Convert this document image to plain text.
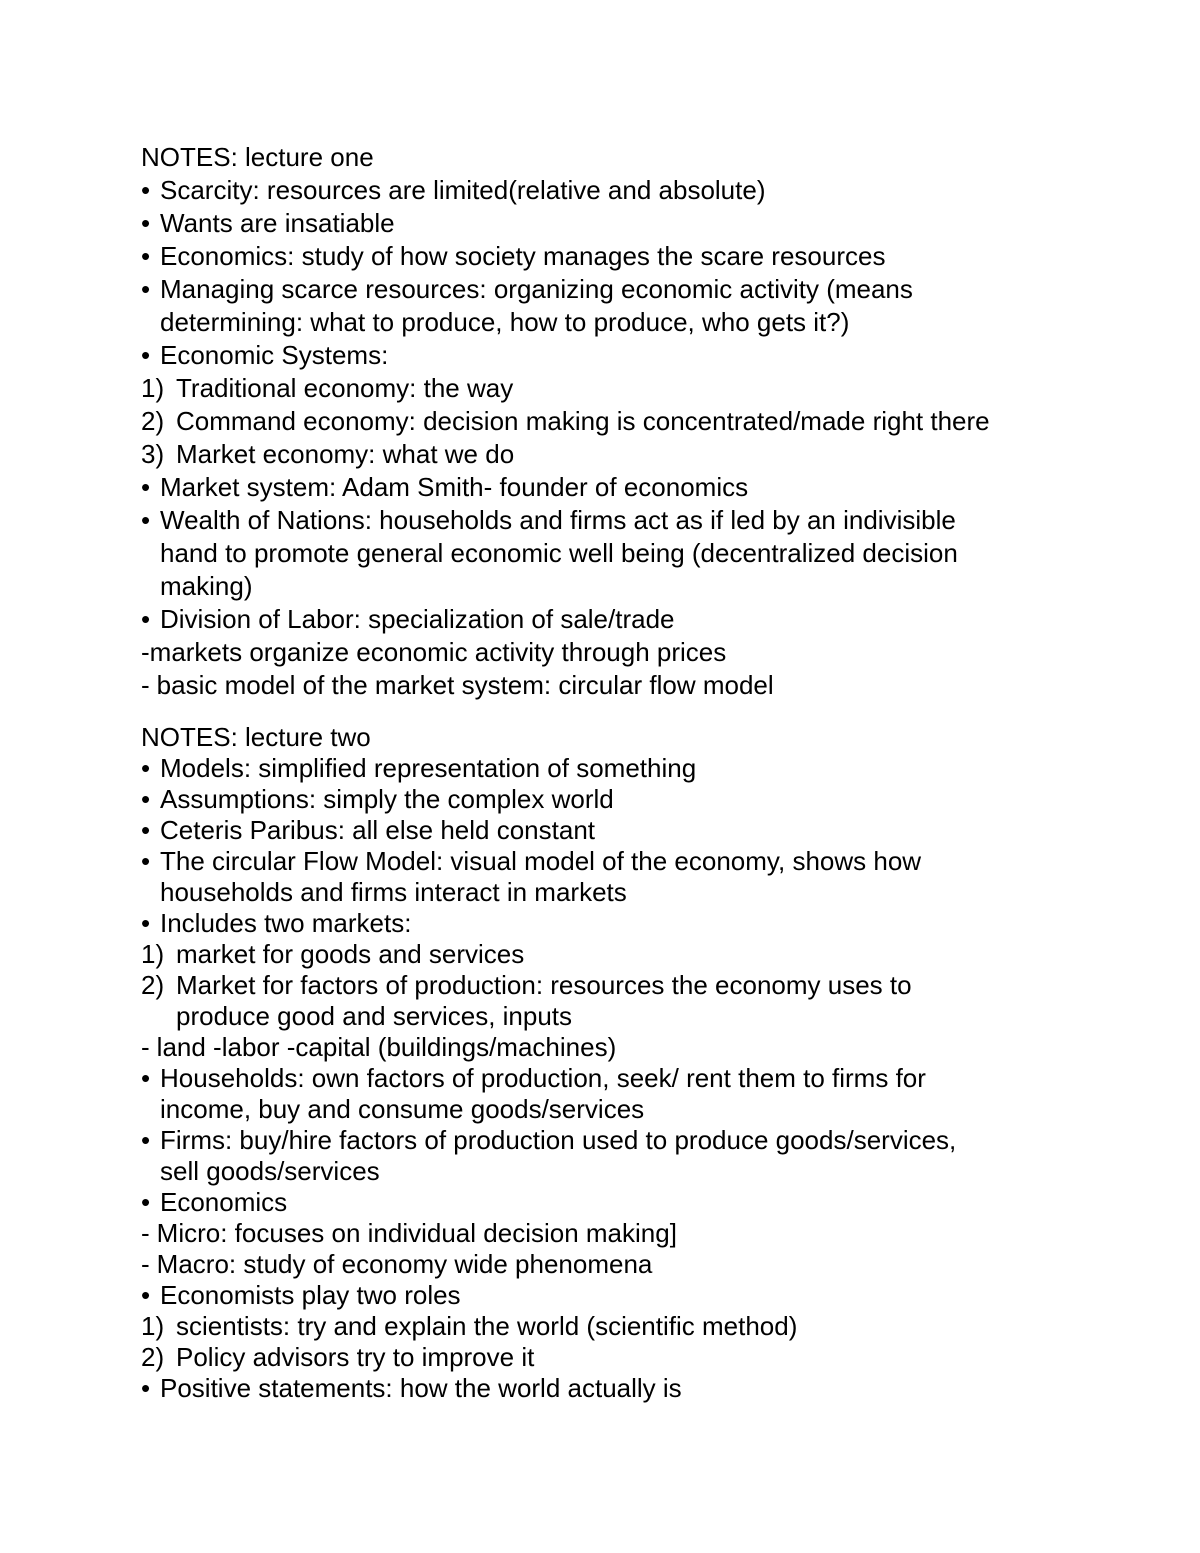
NOTES: lecture one
• Scarcity: resources are limited(relative and absolute)
• Wants are insatiable
• Economics: study of how society manages the scare resources
• Managing scarce resources: organizing economic activity (means
determining: what to produce, how to produce, who gets it?)
• Economic Systems:
1) Traditional economy: the way
2) Command economy: decision making is concentrated/made right there
3) Market economy: what we do
• Market system: Adam Smith- founder of economics
• Wealth of Nations: households and firms act as if led by an indivisible
hand to promote general economic well being (decentralized decision
making)
• Division of Labor: specialization of sale/trade
-markets organize economic activity through prices
- basic model of the market system: circular flow model
NOTES: lecture two
• Models: simplified representation of something
• Assumptions: simply the complex world
• Ceteris Paribus: all else held constant
• The circular Flow Model: visual model of the economy, shows how
households and firms interact in markets
• Includes two markets:
1) market for goods and services
2) Market for factors of production: resources the economy uses to
produce good and services, inputs
- land -labor -capital (buildings/machines)
• Households: own factors of production, seek/ rent them to firms for
income, buy and consume goods/services
• Firms: buy/hire factors of production used to produce goods/services,
sell goods/services
• Economics
- Micro: focuses on individual decision making]
- Macro: study of economy wide phenomena
• Economists play two roles
1) scientists: try and explain the world (scientific method)
2) Policy advisors try to improve it
• Positive statements: how the world actually is
